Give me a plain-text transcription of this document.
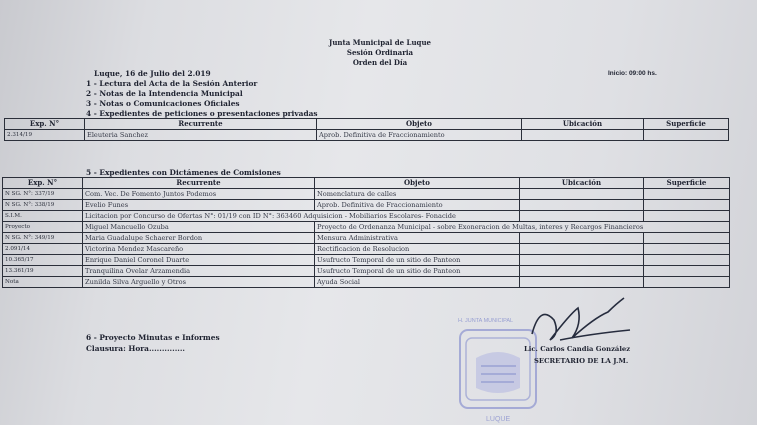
Junta Municipal de Luque
Sesión Ordinaria
Orden del Día
Luque, 16 de Julio del 2.019	Inicio: 09:00 hs.
1 - Lectura del Acta de la Sesión Anterior
2 - Notas de la Intendencia Municipal
3 - Notas o Comunicaciones Oficiales
4 - Expedientes de peticiones o presentaciones privadas
Exp. N°	Recurrente	Objeto	Ubicación	Superficie
2.314/19	Eleuteria Sanchez	Aprob. Definitiva de Fraccionamiento		
5 - Expedientes con Dictámenes de Comisiones
Exp. N°	Recurrente	Objeto	Ubicación	Superficie
N SG. N°: 337/19	Com. Vec. De Fomento Juntos Podemos	Nomenclatura de calles		
N SG. N°: 338/19	Evelio Funes	Aprob. Definitiva de Fraccionamiento		
S.I.M.	Licitacion por Concurso de Ofertas N°: 01/19 con ID N°: 363460 Adquisicion - Mobiliarios Escolares- Fonacide			
Proyecto	Miguel Mancuello Ozuba	Proyecto de Ordenanza Municipal - sobre Exoneracion de Multas, interes y Recargos Financieros		
N SG. N°: 349/19	Maria Guadalupe Schaerer Bordon	Mensura Administrativa		
2.091/14	Victorina Mendez Mascareño	Rectificacion de Resolucion		
10.365/17	Enrique Daniel Coronel Duarte	Usufructo Temporal de un sitio de Panteon		
13.361/19	Tranquilina Ovelar Arzamendia	Usufructo Temporal de un sitio de Panteon		
Nota	Zunilda Silva Arguello y Otros	Ayuda Social		
6 - Proyecto Minutas e Informes
Clausura: Hora..............
H. JUNTA MUNICIPAL
LUQUE
Lic. Carlos Candia González
SECRETARIO DE LA J.M.
